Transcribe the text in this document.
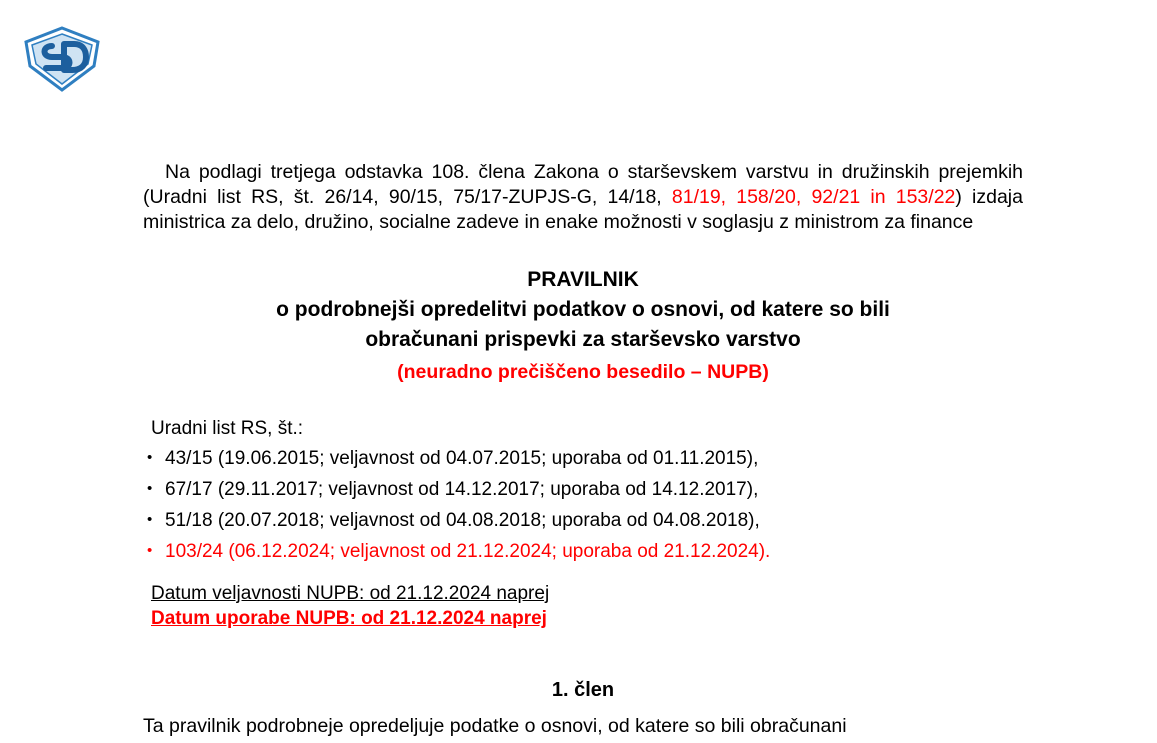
Na podlagi tretjega odstavka 108. člena Zakona o starševskem varstvu in družinskih prejemkih (Uradni list RS, št. 26/14, 90/15, 75/17-ZUPJS-G, 14/18, 81/19, 158/20, 92/21 in 153/22) izdaja ministrica za delo, družino, socialne zadeve in enake možnosti v soglasju z ministrom za finance

PRAVILNIK
o podrobnejši opredelitvi podatkov o osnovi, od katere so bili
obračunani prispevki za starševsko varstvo
(neuradno prečiščeno besedilo – NUPB)
Uradni list RS, št.:
• 43/15 (19.06.2015; veljavnost od 04.07.2015; uporaba od 01.11.2015),
• 67/17 (29.11.2017; veljavnost od 14.12.2017; uporaba od 14.12.2017),
• 51/18 (20.07.2018; veljavnost od 04.08.2018; uporaba od 04.08.2018),
• 103/24 (06.12.2024; veljavnost od 21.12.2024; uporaba od 21.12.2024).
Datum veljavnosti NUPB: od 21.12.2024 naprej
Datum uporabe NUPB: od 21.12.2024 naprej
1. člen
Ta pravilnik podrobneje opredeljuje podatke o osnovi, od katere so bili obračunani
